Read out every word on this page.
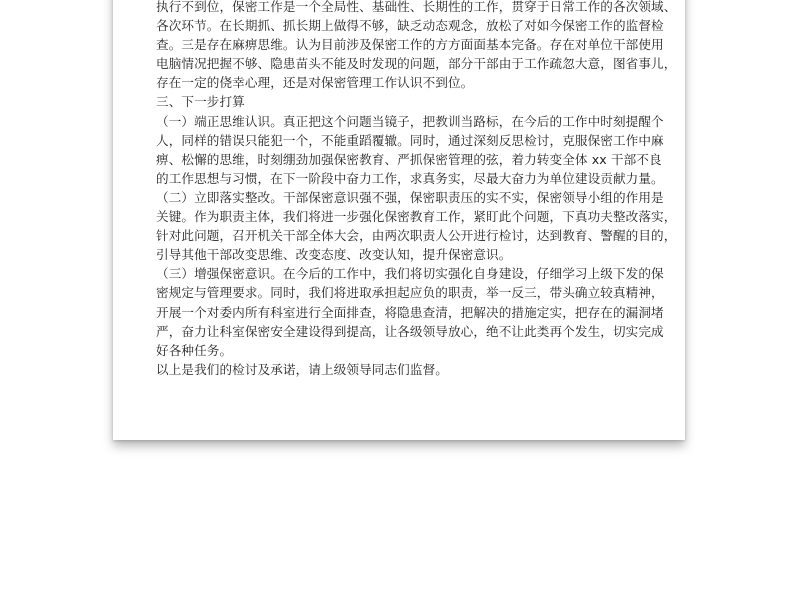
执行不到位，保密工作是一个全局性、基础性、长期性的工作，贯穿于日常工作的各次领域、
各次环节。在长期抓、抓长期上做得不够，缺乏动态观念，放松了对如今保密工作的监督检
查。三是存在麻痹思维。认为目前涉及保密工作的方方面面基本完备。存在对单位干部使用
电脑情况把握不够、隐患苗头不能及时发现的问题，部分干部由于工作疏忽大意，图省事儿，
存在一定的侥幸心理，还是对保密管理工作认识不到位。
三、下一步打算
（一）端正思维认识。真正把这个问题当镜子，把教训当路标，在今后的工作中时刻提醒个
人，同样的错误只能犯一个，不能重蹈覆辙。同时，通过深刻反思检讨，克服保密工作中麻
痹、松懈的思维，时刻绷劲加强保密教育、严抓保密管理的弦，着力转变全体 xx 干部不良
的工作思想与习惯，在下一阶段中奋力工作，求真务实，尽最大奋力为单位建设贡献力量。
（二）立即落实整改。干部保密意识强不强，保密职责压的实不实，保密领导小组的作用是
关键。作为职责主体，我们将进一步强化保密教育工作，紧盯此个问题，下真功夫整改落实，
针对此问题，召开机关干部全体大会，由两次职责人公开进行检讨，达到教育、警醒的目的，
引导其他干部改变思维、改变态度、改变认知，提升保密意识。
（三）增强保密意识。在今后的工作中，我们将切实强化自身建设，仔细学习上级下发的保
密规定与管理要求。同时，我们将进取承担起应负的职责，举一反三，带头确立较真精神，
开展一个对委内所有科室进行全面排查，将隐患查清，把解决的措施定实，把存在的漏洞堵
严，奋力让科室保密安全建设得到提高，让各级领导放心，绝不让此类再个发生，切实完成
好各种任务。
以上是我们的检讨及承诺，请上级领导同志们监督。
